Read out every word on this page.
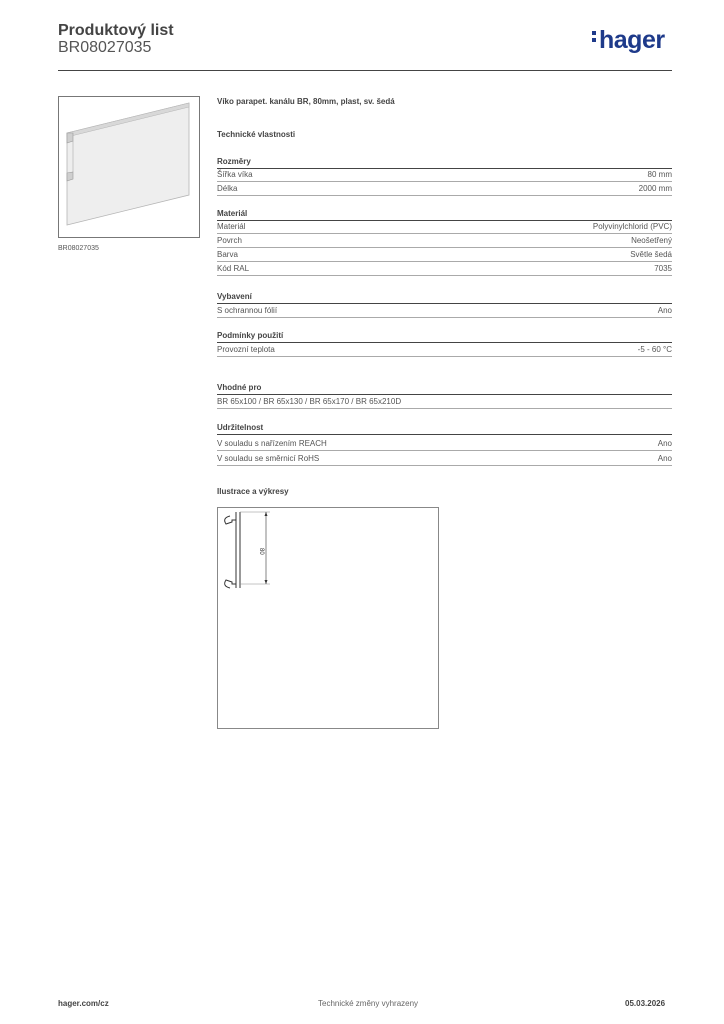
Produktový list
BR08027035	hager
BR08027035
Víko parapet. kanálu BR, 80mm, plast, sv. šedá
Technické vlastnosti
Rozměry
Šířka víka	80 mm
Délka	2000 mm
Materiál
Materiál	Polyvinylchlorid (PVC)
Povrch	Neošetřený
Barva	Světle šedá
Kód RAL	7035
Vybavení
S ochrannou fólií	Ano
Podmínky použití
Provozní teplota	-5 - 60 °C
Vhodné pro
BR 65x100 / BR 65x130 / BR 65x170 / BR 65x210D
Udržitelnost
V souladu s nařízením REACH	Ano
V souladu se směrnicí RoHS	Ano
Ilustrace a výkresy
80
hager.com/cz	Technické změny vyhrazeny	05.03.2026
